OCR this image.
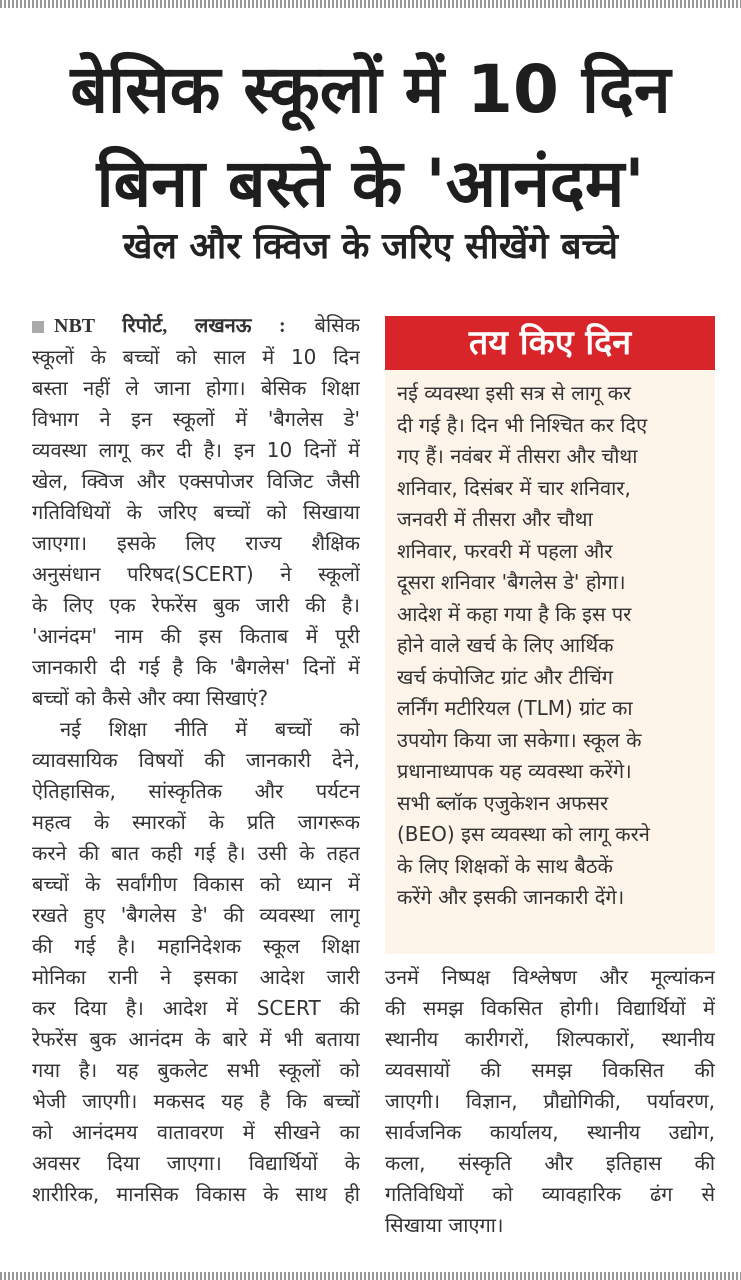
बेसिक स्कूलों में 10 दिन
बिना बस्ते के 'आनंदम'
खेल और क्विज के जरिए सीखेंगे बच्चे
NBT रिपोर्ट, लखनऊ : बेसिक
स्कूलों के बच्चों को साल में 10 दिन
बस्ता नहीं ले जाना होगा। बेसिक शिक्षा
विभाग ने इन स्कूलों में 'बैगलेस डे'
व्यवस्था लागू कर दी है। इन 10 दिनों में
खेल, क्विज और एक्सपोजर विजिट जैसी
गतिविधियों के जरिए बच्चों को सिखाया
जाएगा। इसके लिए राज्य शैक्षिक
अनुसंधान परिषद(SCERT) ने स्कूलों
के लिए एक रेफरेंस बुक जारी की है।
'आनंदम' नाम की इस किताब में पूरी
जानकारी दी गई है कि 'बैगलेस' दिनों में
बच्चों को कैसे और क्या सिखाएं?
नई शिक्षा नीति में बच्चों को
व्यावसायिक विषयों की जानकारी देने,
ऐतिहासिक, सांस्कृतिक और पर्यटन
महत्व के स्मारकों के प्रति जागरूक
करने की बात कही गई है। उसी के तहत
बच्चों के सर्वांगीण विकास को ध्यान में
रखते हुए 'बैगलेस डे' की व्यवस्था लागू
की गई है। महानिदेशक स्कूल शिक्षा
मोनिका रानी ने इसका आदेश जारी
कर दिया है। आदेश में SCERT की
रेफरेंस बुक आनंदम के बारे में भी बताया
गया है। यह बुकलेट सभी स्कूलों को
भेजी जाएगी। मकसद यह है कि बच्चों
को आनंदमय वातावरण में सीखने का
अवसर दिया जाएगा। विद्यार्थियों के
शारीरिक, मानसिक विकास के साथ ही
तय किए दिन
नई व्यवस्था इसी सत्र से लागू कर
दी गई है। दिन भी निश्चित कर दिए
गए हैं। नवंबर में तीसरा और चौथा
शनिवार, दिसंबर में चार शनिवार,
जनवरी में तीसरा और चौथा
शनिवार, फरवरी में पहला और
दूसरा शनिवार 'बैगलेस डे' होगा।
आदेश में कहा गया है कि इस पर
होने वाले खर्च के लिए आर्थिक
खर्च कंपोजिट ग्रांट और टीचिंग
लर्निंग मटीरियल (TLM) ग्रांट का
उपयोग किया जा सकेगा। स्कूल के
प्रधानाध्यापक यह व्यवस्था करेंगे।
सभी ब्लॉक एजुकेशन अफसर
(BEO) इस व्यवस्था को लागू करने
के लिए शिक्षकों के साथ बैठकें
करेंगे और इसकी जानकारी देंगे।
उनमें निष्पक्ष विश्लेषण और मूल्यांकन
की समझ विकसित होगी। विद्यार्थियों में
स्थानीय कारीगरों, शिल्पकारों, स्थानीय
व्यवसायों की समझ विकसित की
जाएगी। विज्ञान, प्रौद्योगिकी, पर्यावरण,
सार्वजनिक कार्यालय, स्थानीय उद्योग,
कला, संस्कृति और इतिहास की
गतिविधियों को व्यावहारिक ढंग से
सिखाया जाएगा।
